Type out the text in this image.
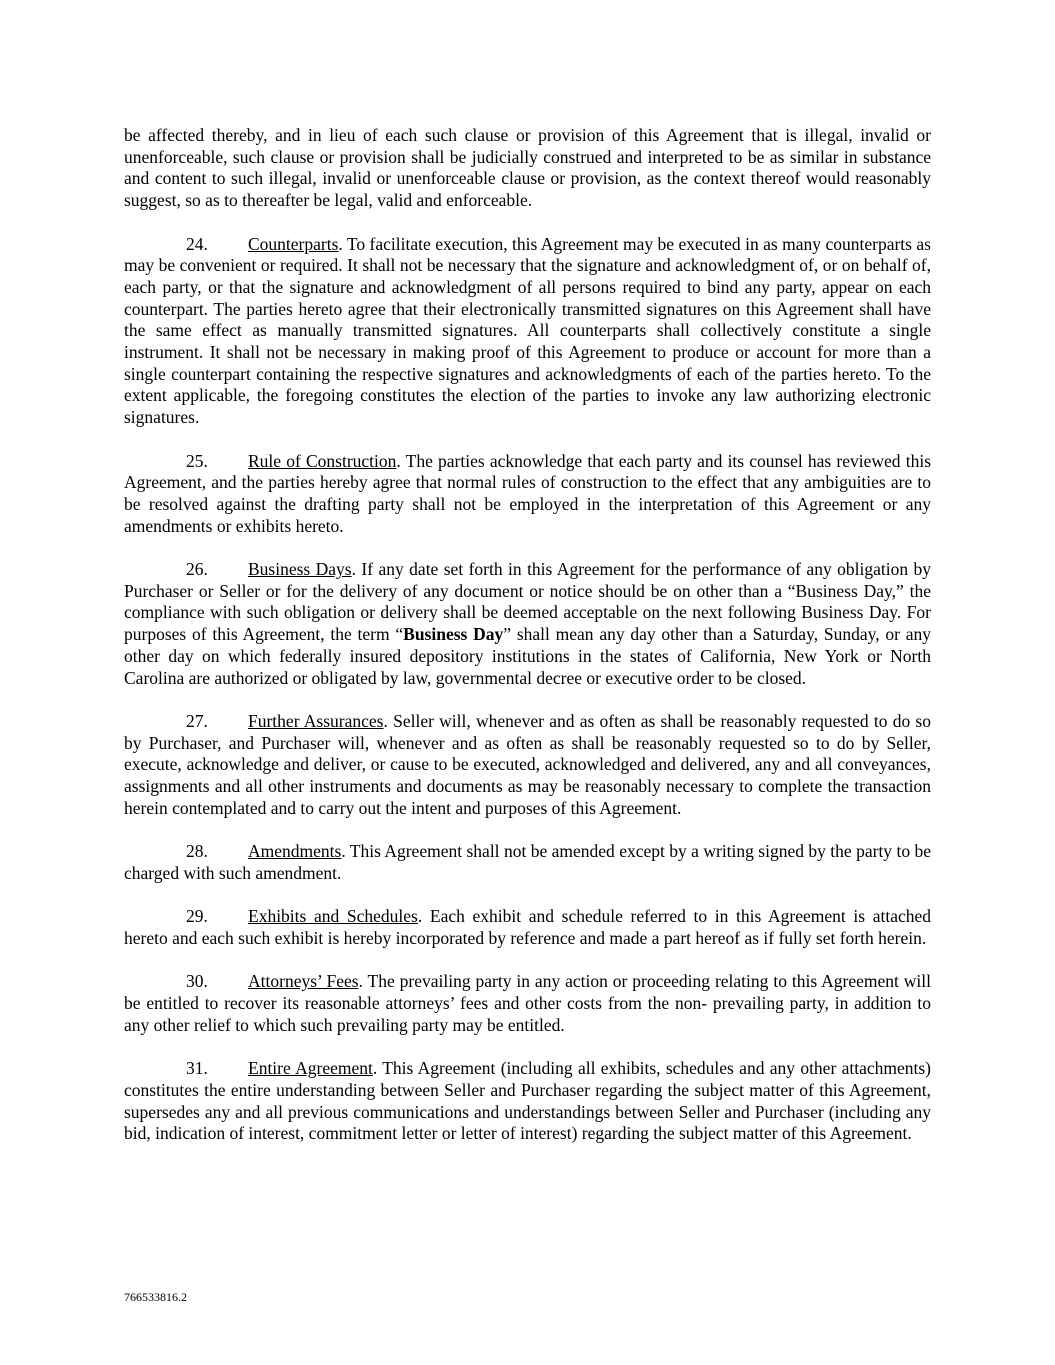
be affected thereby, and in lieu of each such clause or provision of this Agreement that is illegal, invalid or unenforceable, such clause or provision shall be judicially construed and interpreted to be as similar in substance and content to such illegal, invalid or unenforceable clause or provision, as the context thereof would reasonably suggest, so as to thereafter be legal, valid and enforceable.

24. Counterparts. To facilitate execution, this Agreement may be executed in as many counterparts as may be convenient or required. It shall not be necessary that the signature and acknowledgment of, or on behalf of, each party, or that the signature and acknowledgment of all persons required to bind any party, appear on each counterpart. The parties hereto agree that their electronically transmitted signatures on this Agreement shall have the same effect as manually transmitted signatures. All counterparts shall collectively constitute a single instrument. It shall not be necessary in making proof of this Agreement to produce or account for more than a single counterpart containing the respective signatures and acknowledgments of each of the parties hereto. To the extent applicable, the foregoing constitutes the election of the parties to invoke any law authorizing electronic signatures.

25. Rule of Construction. The parties acknowledge that each party and its counsel has reviewed this Agreement, and the parties hereby agree that normal rules of construction to the effect that any ambiguities are to be resolved against the drafting party shall not be employed in the interpretation of this Agreement or any amendments or exhibits hereto.

26. Business Days. If any date set forth in this Agreement for the performance of any obligation by Purchaser or Seller or for the delivery of any document or notice should be on other than a “Business Day,” the compliance with such obligation or delivery shall be deemed acceptable on the next following Business Day. For purposes of this Agreement, the term “Business Day” shall mean any day other than a Saturday, Sunday, or any other day on which federally insured depository institutions in the states of California, New York or North Carolina are authorized or obligated by law, governmental decree or executive order to be closed.

27. Further Assurances. Seller will, whenever and as often as shall be reasonably requested to do so by Purchaser, and Purchaser will, whenever and as often as shall be reasonably requested so to do by Seller, execute, acknowledge and deliver, or cause to be executed, acknowledged and delivered, any and all conveyances, assignments and all other instruments and documents as may be reasonably necessary to complete the transaction herein contemplated and to carry out the intent and purposes of this Agreement.

28. Amendments. This Agreement shall not be amended except by a writing signed by the party to be charged with such amendment.

29. Exhibits and Schedules. Each exhibit and schedule referred to in this Agreement is attached hereto and each such exhibit is hereby incorporated by reference and made a part hereof as if fully set forth herein.

30. Attorneys’ Fees. The prevailing party in any action or proceeding relating to this Agreement will be entitled to recover its reasonable attorneys’ fees and other costs from the non- prevailing party, in addition to any other relief to which such prevailing party may be entitled.

31. Entire Agreement. This Agreement (including all exhibits, schedules and any other attachments) constitutes the entire understanding between Seller and Purchaser regarding the subject matter of this Agreement, supersedes any and all previous communications and understandings between Seller and Purchaser (including any bid, indication of interest, commitment letter or letter of interest) regarding the subject matter of this Agreement.

766533816.2
